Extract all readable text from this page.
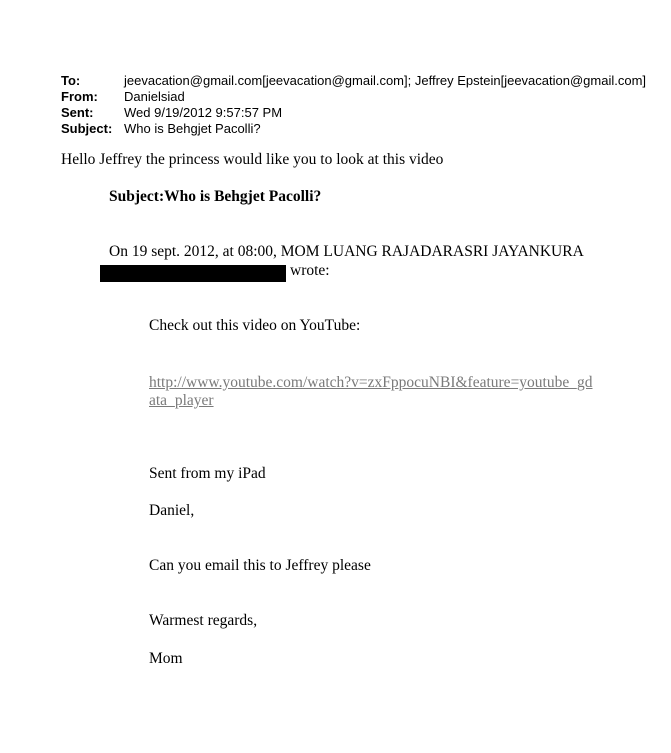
To:	jeevacation@gmail.com[jeevacation@gmail.com]; Jeffrey Epstein[jeevacation@gmail.com]
From:	Danielsiad
Sent:	Wed 9/19/2012 9:57:57 PM
Subject: Who is Behgjet Pacolli?
Hello Jeffrey the princess would like you to look at this video
Subject:Who is Behgjet Pacolli?
On 19 sept. 2012, at 08:00, MOM LUANG RAJADARASRI JAYANKURA
wrote:
Check out this video on YouTube:
http://www.youtube.com/watch?v=zxFppocuNBI&feature=youtube_gdata_player
Sent from my iPad
Daniel,
Can you email this to Jeffrey please
Warmest regards,
Mom
